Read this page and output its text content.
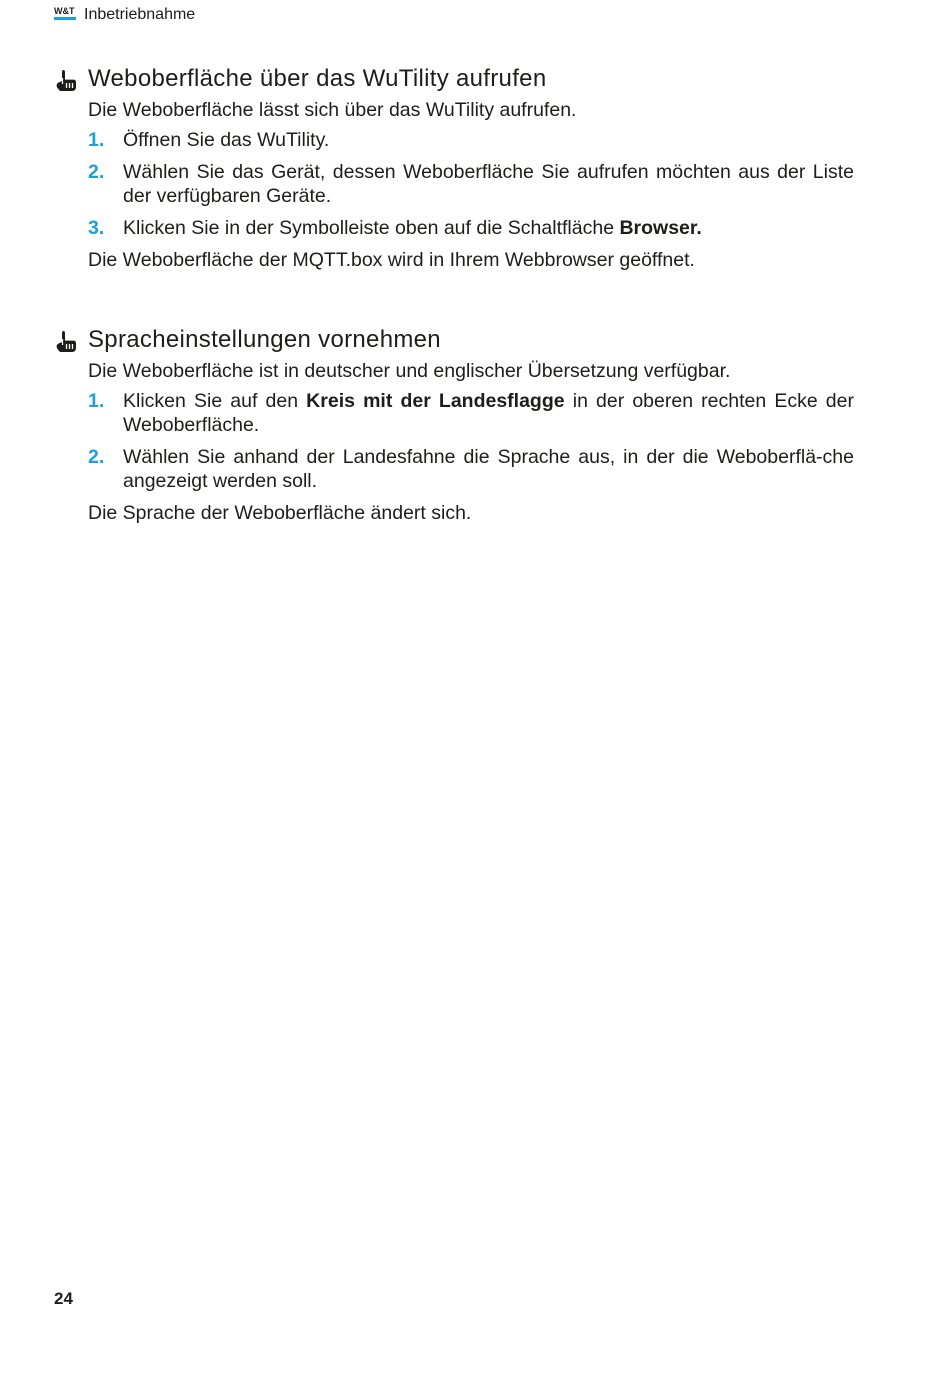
W&T Inbetriebnahme
Weboberfläche über das WuTility aufrufen
Die Weboberfläche lässt sich über das WuTility aufrufen.
1. Öffnen Sie das WuTility.
2. Wählen Sie das Gerät, dessen Weboberfläche Sie aufrufen möchten aus der Liste der verfügbaren Geräte.
3. Klicken Sie in der Symbolleiste oben auf die Schaltfläche Browser.
Die Weboberfläche der MQTT.box wird in Ihrem Webbrowser geöffnet.
Spracheinstellungen vornehmen
Die Weboberfläche ist in deutscher und englischer Übersetzung verfügbar.
1. Klicken Sie auf den Kreis mit der Landesflagge in der oberen rechten Ecke der Weboberfläche.
2. Wählen Sie anhand der Landesfahne die Sprache aus, in der die Weboberflä-che angezeigt werden soll.
Die Sprache der Weboberfläche ändert sich.
24
